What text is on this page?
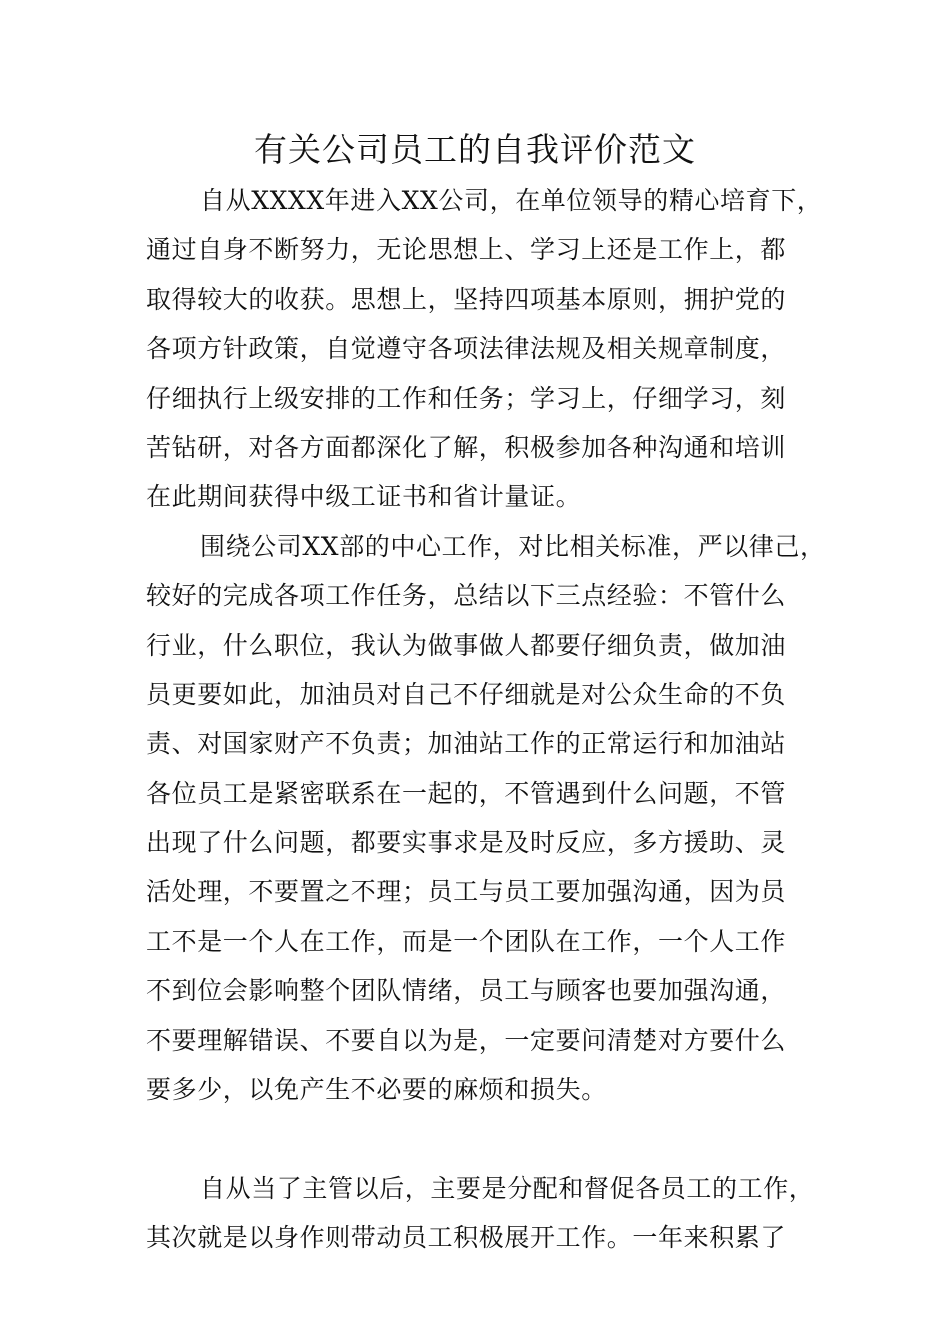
有关公司员工的自我评价范文
自从XXXX年进入XX公司，在单位领导的精心培育下，
通过自身不断努力，无论思想上、学习上还是工作上，都
取得较大的收获。思想上，坚持四项基本原则，拥护党的
各项方针政策，自觉遵守各项法律法规及相关规章制度，
仔细执行上级安排的工作和任务；学习上，仔细学习，刻
苦钻研，对各方面都深化了解，积极参加各种沟通和培训
在此期间获得中级工证书和省计量证。
围绕公司XX部的中心工作，对比相关标准，严以律己，
较好的完成各项工作任务，总结以下三点经验：不管什么
行业，什么职位，我认为做事做人都要仔细负责，做加油
员更要如此，加油员对自己不仔细就是对公众生命的不负
责、对国家财产不负责；加油站工作的正常运行和加油站
各位员工是紧密联系在一起的，不管遇到什么问题，不管
出现了什么问题，都要实事求是及时反应，多方援助、灵
活处理，不要置之不理；员工与员工要加强沟通，因为员
工不是一个人在工作，而是一个团队在工作，一个人工作
不到位会影响整个团队情绪，员工与顾客也要加强沟通，
不要理解错误、不要自以为是，一定要问清楚对方要什么
要多少，以免产生不必要的麻烦和损失。
自从当了主管以后，主要是分配和督促各员工的工作，
其次就是以身作则带动员工积极展开工作。一年来积累了
